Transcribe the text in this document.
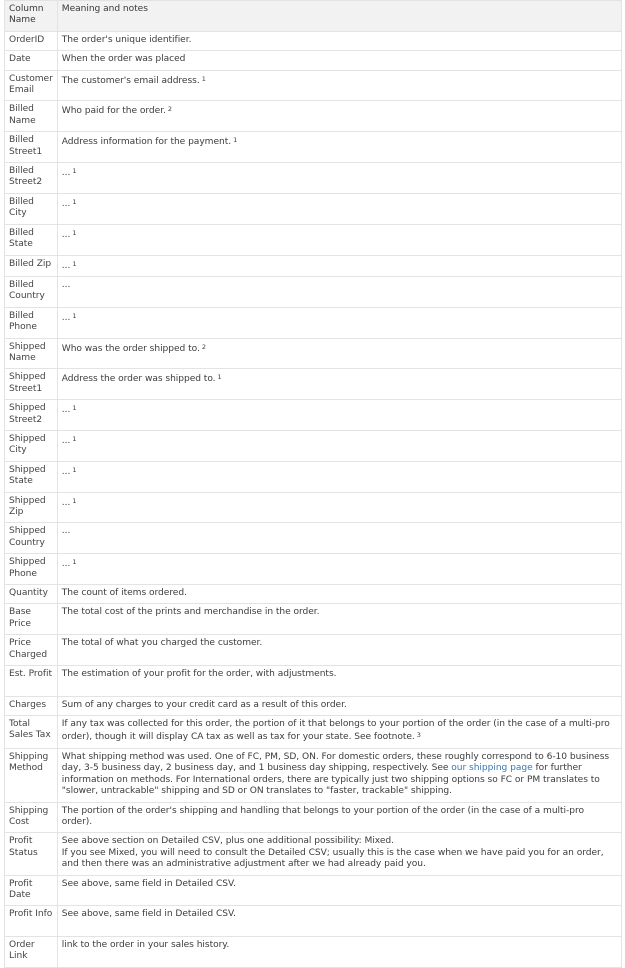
Column Name	Meaning and notes
OrderID	The order's unique identifier.
Date	When the order was placed
Customer Email	The customer's email address. $^1$
Billed Name	Who paid for the order. $^2$
Billed Street1	Address information for the payment. $^1$
Billed Street2	... $^1$
Billed City	... $^1$
Billed State	... $^1$
Billed Zip	... $^1$
Billed Country	...
Billed Phone	... $^1$
Shipped Name	Who was the order shipped to. $^2$
Shipped Street1	Address the order was shipped to. $^1$
Shipped Street2	... $^1$
Shipped City	... $^1$
Shipped State	... $^1$
Shipped Zip	... $^1$
Shipped Country	...
Shipped Phone	... $^1$
Quantity	The count of items ordered.
Base Price	The total cost of the prints and merchandise in the order.
Price Charged	The total of what you charged the customer.
Est. Profit	The estimation of your profit for the order, with adjustments.
Charges	Sum of any charges to your credit card as a result of this order.
Total Sales Tax	If any tax was collected for this order, the portion of it that belongs to your portion of the order (in the case of a multi-pro order), though it will display CA tax as well as tax for your state. See footnote. $^3$
Shipping Method	What shipping method was used. One of FC, PM, SD, ON. For domestic orders, these roughly correspond to 6-10 business day, 3-5 business day, 2 business day, and 1 business day shipping, respectively. See our shipping page for further information on methods. For International orders, there are typically just two shipping options so FC or PM translates to "slower, untrackable" shipping and SD or ON translates to "faster, trackable" shipping.
Shipping Cost	The portion of the order's shipping and handling that belongs to your portion of the order (in the case of a multi-pro order).
Profit Status	See above section on Detailed CSV, plus one additional possibility: Mixed.
If you see Mixed, you will need to consult the Detailed CSV; usually this is the case when we have paid you for an order, and then there was an administrative adjustment after we had already paid you.
Profit Date	See above, same field in Detailed CSV.
Profit Info	See above, same field in Detailed CSV.
Order Link	link to the order in your sales history.
